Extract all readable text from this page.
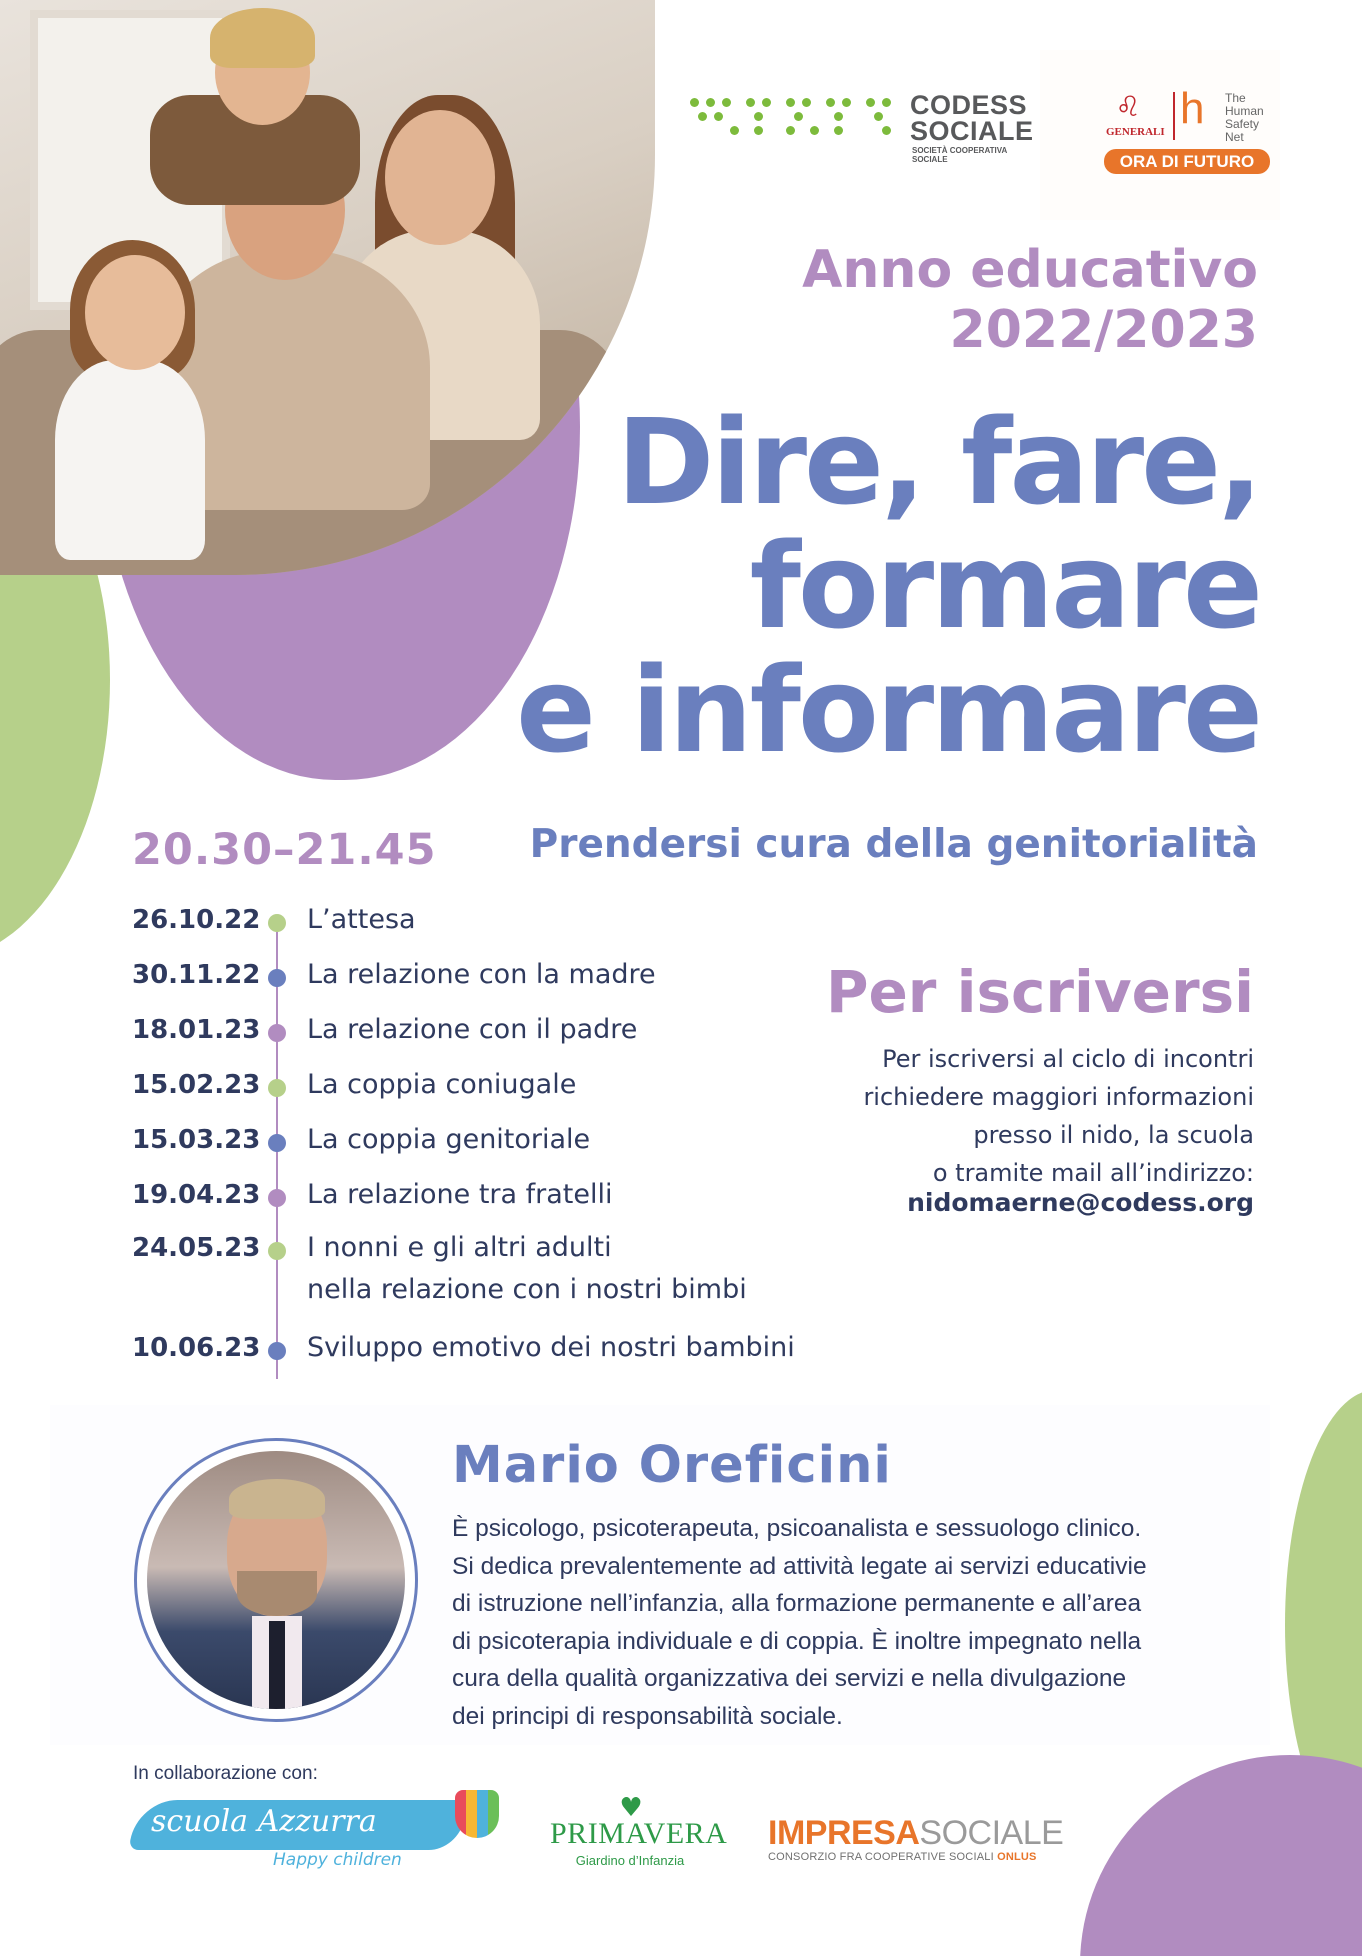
CODESS
SOCIALE
SOCIETÀ COOPERATIVA SOCIALE
♌
GENERALI h The
Human
Safety
Net
ORA DI FUTURO
Anno educativo
2022/2023
Dire, fare,
formare
e informare
20.30–21.45 Prendersi cura della genitorialità
26.10.22 L’attesa
30.11.22 La relazione con la madre
18.01.23 La relazione con il padre
15.02.23 La coppia coniugale
15.03.23 La coppia genitoriale
19.04.23 La relazione tra fratelli
24.05.23 I nonni e gli altri adulti
nella relazione con i nostri bimbi
10.06.23 Sviluppo emotivo dei nostri bambini
Per iscriversi
Per iscriversi al ciclo di incontri
richiedere maggiori informazioni
presso il nido, la scuola
o tramite mail all’indirizzo:
nidomaerne@codess.org
Mario Oreficini
È psicologo, psicoterapeuta, psicoanalista e sessuologo clinico.
Si dedica prevalentemente ad attività legate ai servizi educativie
di istruzione nell’infanzia, alla formazione permanente e all’area
di psicoterapia individuale e di coppia. È inoltre impegnato nella
cura della qualità organizzativa dei servizi e nella divulgazione
dei principi di responsabilità sociale.
In collaborazione con:
scuola Azzurra
Happy children
♥
PRIMAVERA
Giardino d’Infanzia
IMPRESASOCIALE
CONSORZIO FRA COOPERATIVE SOCIALI ONLUS
